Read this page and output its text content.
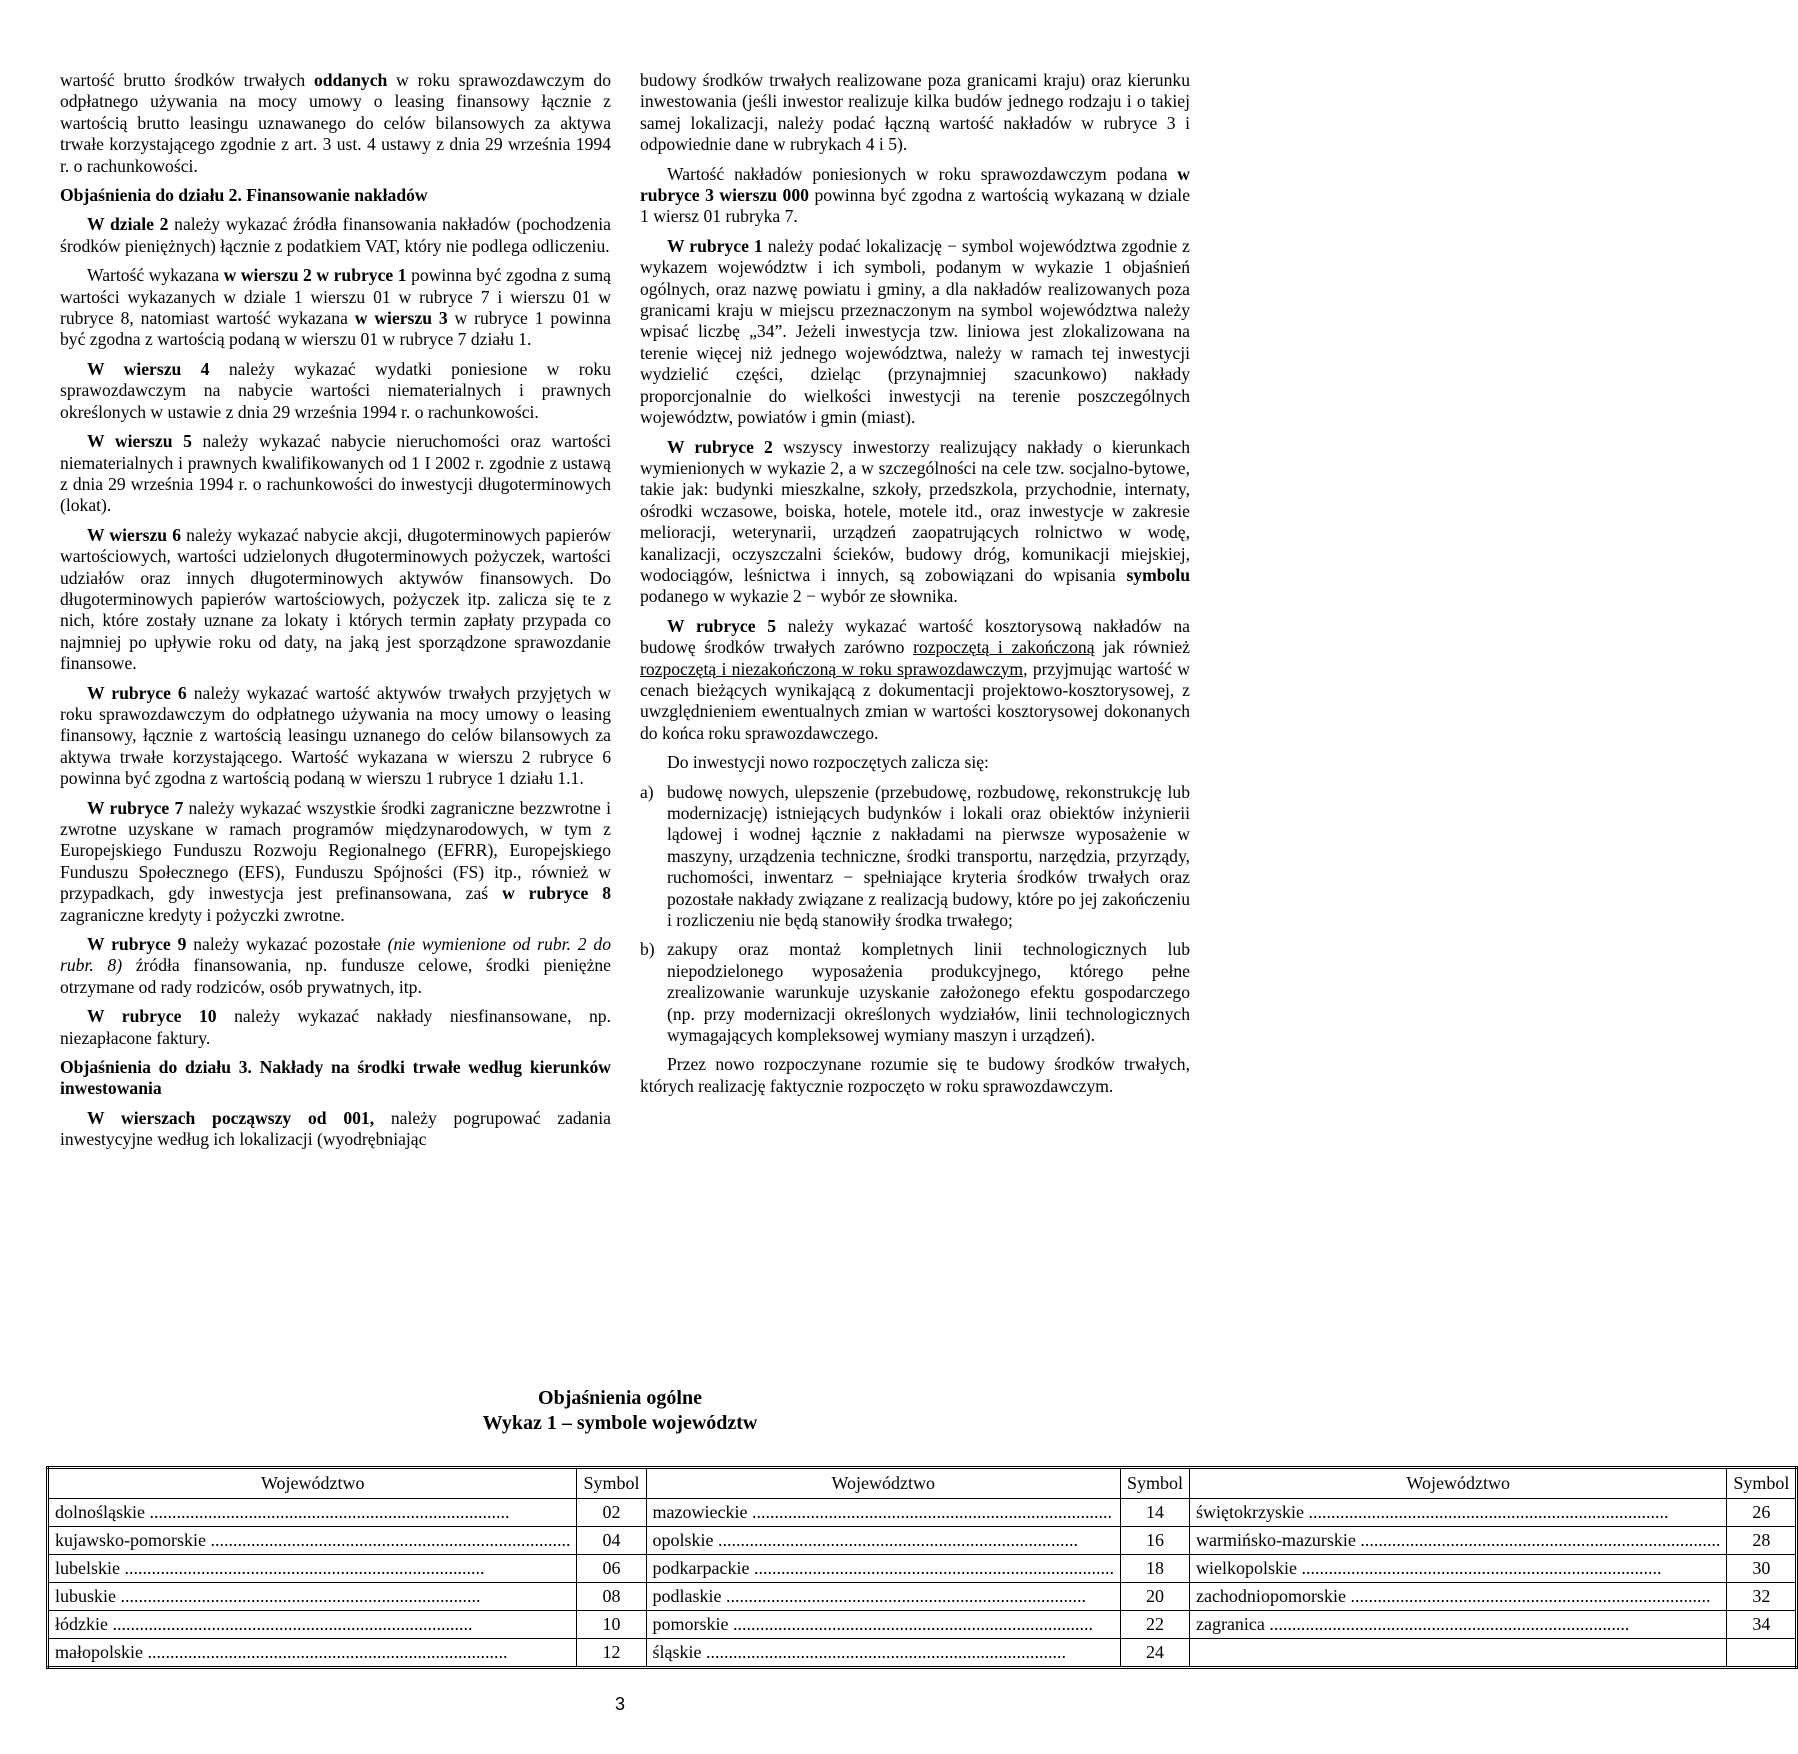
wartość brutto środków trwałych oddanych w roku sprawozdawczym do odpłatnego używania na mocy umowy o leasing finansowy łącznie z wartością brutto leasingu uznawanego do celów bilansowych za aktywa trwałe korzystającego zgodnie z art. 3 ust. 4 ustawy z dnia 29 września 1994 r. o rachunkowości.

Objaśnienia do działu 2. Finansowanie nakładów

W dziale 2 należy wykazać źródła finansowania nakładów (pochodzenia środków pieniężnych) łącznie z podatkiem VAT, który nie podlega odliczeniu.

Wartość wykazana w wierszu 2 w rubryce 1 powinna być zgodna z sumą wartości wykazanych w dziale 1 wierszu 01 w rubryce 7 i wierszu 01 w rubryce 8, natomiast wartość wykazana w wierszu 3 w rubryce 1 powinna być zgodna z wartością podaną w wierszu 01 w rubryce 7 działu 1.

W wierszu 4 należy wykazać wydatki poniesione w roku sprawozdawczym na nabycie wartości niematerialnych i prawnych określonych w ustawie z dnia 29 września 1994 r. o rachunkowości.

W wierszu 5 należy wykazać nabycie nieruchomości oraz wartości niematerialnych i prawnych kwalifikowanych od 1 I 2002 r. zgodnie z ustawą z dnia 29 września 1994 r. o rachunkowości do inwestycji długoterminowych (lokat).

W wierszu 6 należy wykazać nabycie akcji, długoterminowych papierów wartościowych, wartości udzielonych długoterminowych pożyczek, wartości udziałów oraz innych długoterminowych aktywów finansowych. Do długoterminowych papierów wartościowych, pożyczek itp. zalicza się te z nich, które zostały uznane za lokaty i których termin zapłaty przypada co najmniej po upływie roku od daty, na jaką jest sporządzone sprawozdanie finansowe.

W rubryce 6 należy wykazać wartość aktywów trwałych przyjętych w roku sprawozdawczym do odpłatnego używania na mocy umowy o leasing finansowy, łącznie z wartością leasingu uznanego do celów bilansowych za aktywa trwałe korzystającego. Wartość wykazana w wierszu 2 rubryce 6 powinna być zgodna z wartością podaną w wierszu 1 rubryce 1 działu 1.1.

W rubryce 7 należy wykazać wszystkie środki zagraniczne bezzwrotne i zwrotne uzyskane w ramach programów międzynarodowych, w tym z Europejskiego Funduszu Rozwoju Regionalnego (EFRR), Europejskiego Funduszu Społecznego (EFS), Funduszu Spójności (FS) itp., również w przypadkach, gdy inwestycja jest prefinansowana, zaś w rubryce 8 zagraniczne kredyty i pożyczki zwrotne.

W rubryce 9 należy wykazać pozostałe (nie wymienione od rubr. 2 do rubr. 8) źródła finansowania, np. fundusze celowe, środki pieniężne otrzymane od rady rodziców, osób prywatnych, itp.

W rubryce 10 należy wykazać nakłady niesfinansowane, np. niezapłacone faktury.

Objaśnienia do działu 3. Nakłady na środki trwałe według kierunków inwestowania

W wierszach począwszy od 001, należy pogrupować zadania inwestycyjne według ich lokalizacji (wyodrębniając

budowy środków trwałych realizowane poza granicami kraju) oraz kierunku inwestowania (jeśli inwestor realizuje kilka budów jednego rodzaju i o takiej samej lokalizacji, należy podać łączną wartość nakładów w rubryce 3 i odpowiednie dane w rubrykach 4 i 5).

Wartość nakładów poniesionych w roku sprawozdawczym podana w rubryce 3 wierszu 000 powinna być zgodna z wartością wykazaną w dziale 1 wiersz 01 rubryka 7.

W rubryce 1 należy podać lokalizację − symbol województwa zgodnie z wykazem województw i ich symboli, podanym w wykazie 1 objaśnień ogólnych, oraz nazwę powiatu i gminy, a dla nakładów realizowanych poza granicami kraju w miejscu przeznaczonym na symbol województwa należy wpisać liczbę „34”. Jeżeli inwestycja tzw. liniowa jest zlokalizowana na terenie więcej niż jednego województwa, należy w ramach tej inwestycji wydzielić części, dzieląc (przynajmniej szacunkowo) nakłady proporcjonalnie do wielkości inwestycji na terenie poszczególnych województw, powiatów i gmin (miast).

W rubryce 2 wszyscy inwestorzy realizujący nakłady o kierunkach wymienionych w wykazie 2, a w szczególności na cele tzw. socjalno-bytowe, takie jak: budynki mieszkalne, szkoły, przedszkola, przychodnie, internaty, ośrodki wczasowe, boiska, hotele, motele itd., oraz inwestycje w zakresie melioracji, weterynarii, urządzeń zaopatrujących rolnictwo w wodę, kanalizacji, oczyszczalni ścieków, budowy dróg, komunikacji miejskiej, wodociągów, leśnictwa i innych, są zobowiązani do wpisania symbolu podanego w wykazie 2 − wybór ze słownika.

W rubryce 5 należy wykazać wartość kosztorysową nakładów na budowę środków trwałych zarówno rozpoczętą i zakończoną jak również rozpoczętą i niezakończoną w roku sprawozdawczym, przyjmując wartość w cenach bieżących wynikającą z dokumentacji projektowo-kosztorysowej, z uwzględnieniem ewentualnych zmian w wartości kosztorysowej dokonanych do końca roku sprawozdawczego.

Do inwestycji nowo rozpoczętych zalicza się:

a) budowę nowych, ulepszenie (przebudowę, rozbudowę, rekonstrukcję lub modernizację) istniejących budynków i lokali oraz obiektów inżynierii lądowej i wodnej łącznie z nakładami na pierwsze wyposażenie w maszyny, urządzenia techniczne, środki transportu, narzędzia, przyrządy, ruchomości, inwentarz − spełniające kryteria środków trwałych oraz pozostałe nakłady związane z realizacją budowy, które po jej zakończeniu i rozliczeniu nie będą stanowiły środka trwałego;
b) zakupy oraz montaż kompletnych linii technologicznych lub niepodzielonego wyposażenia produkcyjnego, którego pełne zrealizowanie warunkuje uzyskanie założonego efektu gospodarczego (np. przy modernizacji określonych wydziałów, linii technologicznych wymagających kompleksowej wymiany maszyn i urządzeń).

Przez nowo rozpoczynane rozumie się te budowy środków trwałych, których realizację faktycznie rozpoczęto w roku sprawozdawczym.

Objaśnienia ogólne
Wykaz 1 – symbole województw
Województwo	Symbol	Województwo	Symbol	Województwo	Symbol
dolnośląskie .....	02	mazowieckie .....	14	świętokrzyskie .....	26
kujawsko-pomorskie .....	04	opolskie .....	16	warmińsko-mazurskie .....	28
lubelskie .....	06	podkarpackie .....	18	wielkopolskie .....	30
lubuskie .....	08	podlaskie .....	20	zachodniopomorskie .....	32
łódzkie .....	10	pomorskie .....	22	zagranica .....	34
małopolskie .....	12	śląskie .....	24		
3
